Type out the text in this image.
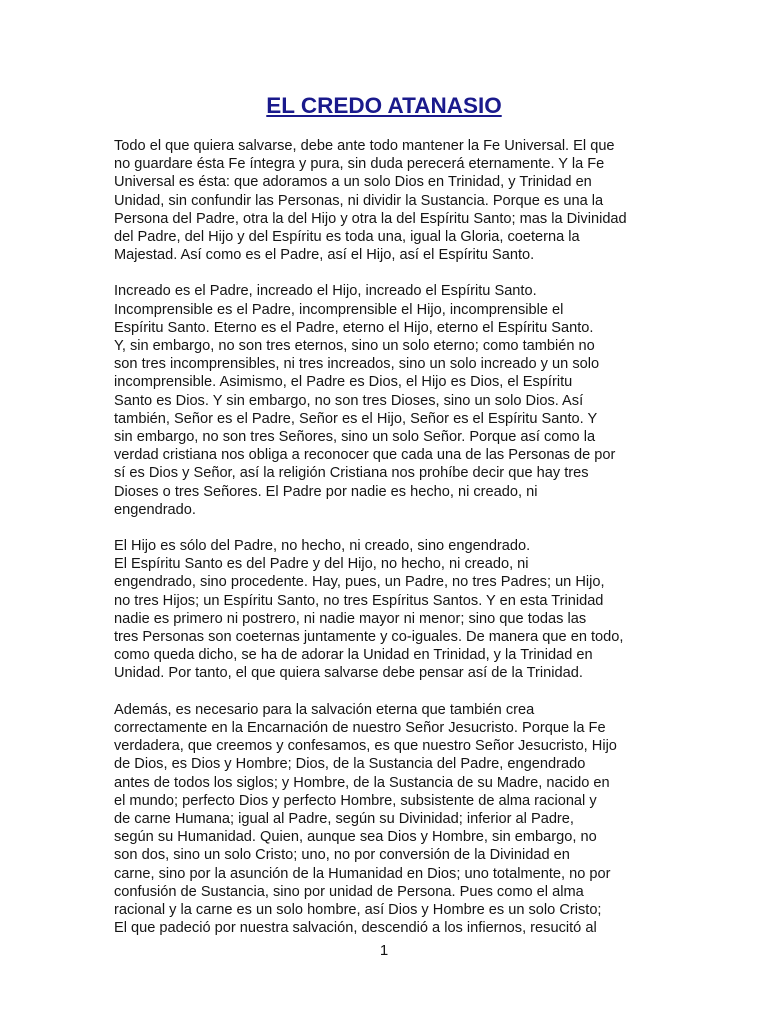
EL CREDO ATANASIO
Todo el que quiera salvarse, debe ante todo mantener la Fe Universal. El que
no guardare ésta Fe íntegra y pura, sin duda perecerá eternamente. Y la Fe
Universal es ésta: que adoramos a un solo Dios en Trinidad, y Trinidad en
Unidad, sin confundir las Personas, ni dividir la Sustancia. Porque es una la
Persona del Padre, otra la del Hijo y otra la del Espíritu Santo; mas la Divinidad
del Padre, del Hijo y del Espíritu es toda una, igual la Gloria, coeterna la
Majestad. Así como es el Padre, así el Hijo, así el Espíritu Santo.
Increado es el Padre, increado el Hijo, increado el Espíritu Santo.
Incomprensible es el Padre, incomprensible el Hijo, incomprensible el
Espíritu Santo. Eterno es el Padre, eterno el Hijo, eterno el Espíritu Santo.
Y, sin embargo, no son tres eternos, sino un solo eterno; como también no
son tres incomprensibles, ni tres increados, sino un solo increado y un solo
incomprensible. Asimismo, el Padre es Dios, el Hijo es Dios, el Espíritu
Santo es Dios. Y sin embargo, no son tres Dioses, sino un solo Dios. Así
también, Señor es el Padre, Señor es el Hijo, Señor es el Espíritu Santo. Y
sin embargo, no son tres Señores, sino un solo Señor. Porque así como la
verdad cristiana nos obliga a reconocer que cada una de las Personas de por
sí es Dios y Señor, así la religión Cristiana nos prohíbe decir que hay tres
Dioses o tres Señores. El Padre por nadie es hecho, ni creado, ni
engendrado.
El Hijo es sólo del Padre, no hecho, ni creado, sino engendrado.
El Espíritu Santo es del Padre y del Hijo, no hecho, ni creado, ni
engendrado, sino procedente. Hay, pues, un Padre, no tres Padres; un Hijo,
no tres Hijos; un Espíritu Santo, no tres Espíritus Santos. Y en esta Trinidad
nadie es primero ni postrero, ni nadie mayor ni menor; sino que todas las
tres Personas son coeternas juntamente y co-iguales. De manera que en todo,
como queda dicho, se ha de adorar la Unidad en Trinidad, y la Trinidad en
Unidad. Por tanto, el que quiera salvarse debe pensar así de la Trinidad.
Además, es necesario para la salvación eterna que también crea
correctamente en la Encarnación de nuestro Señor Jesucristo. Porque la Fe
verdadera, que creemos y confesamos, es que nuestro Señor Jesucristo, Hijo
de Dios, es Dios y Hombre; Dios, de la Sustancia del Padre, engendrado
antes de todos los siglos; y Hombre, de la Sustancia de su Madre, nacido en
el mundo; perfecto Dios y perfecto Hombre, subsistente de alma racional y
de carne Humana; igual al Padre, según su Divinidad; inferior al Padre,
según su Humanidad. Quien, aunque sea Dios y Hombre, sin embargo, no
son dos, sino un solo Cristo; uno, no por conversión de la Divinidad en
carne, sino por la asunción de la Humanidad en Dios; uno totalmente, no por
confusión de Sustancia, sino por unidad de Persona. Pues como el alma
racional y la carne es un solo hombre, así Dios y Hombre es un solo Cristo;
El que padeció por nuestra salvación, descendió a los infiernos, resucitó al
1
